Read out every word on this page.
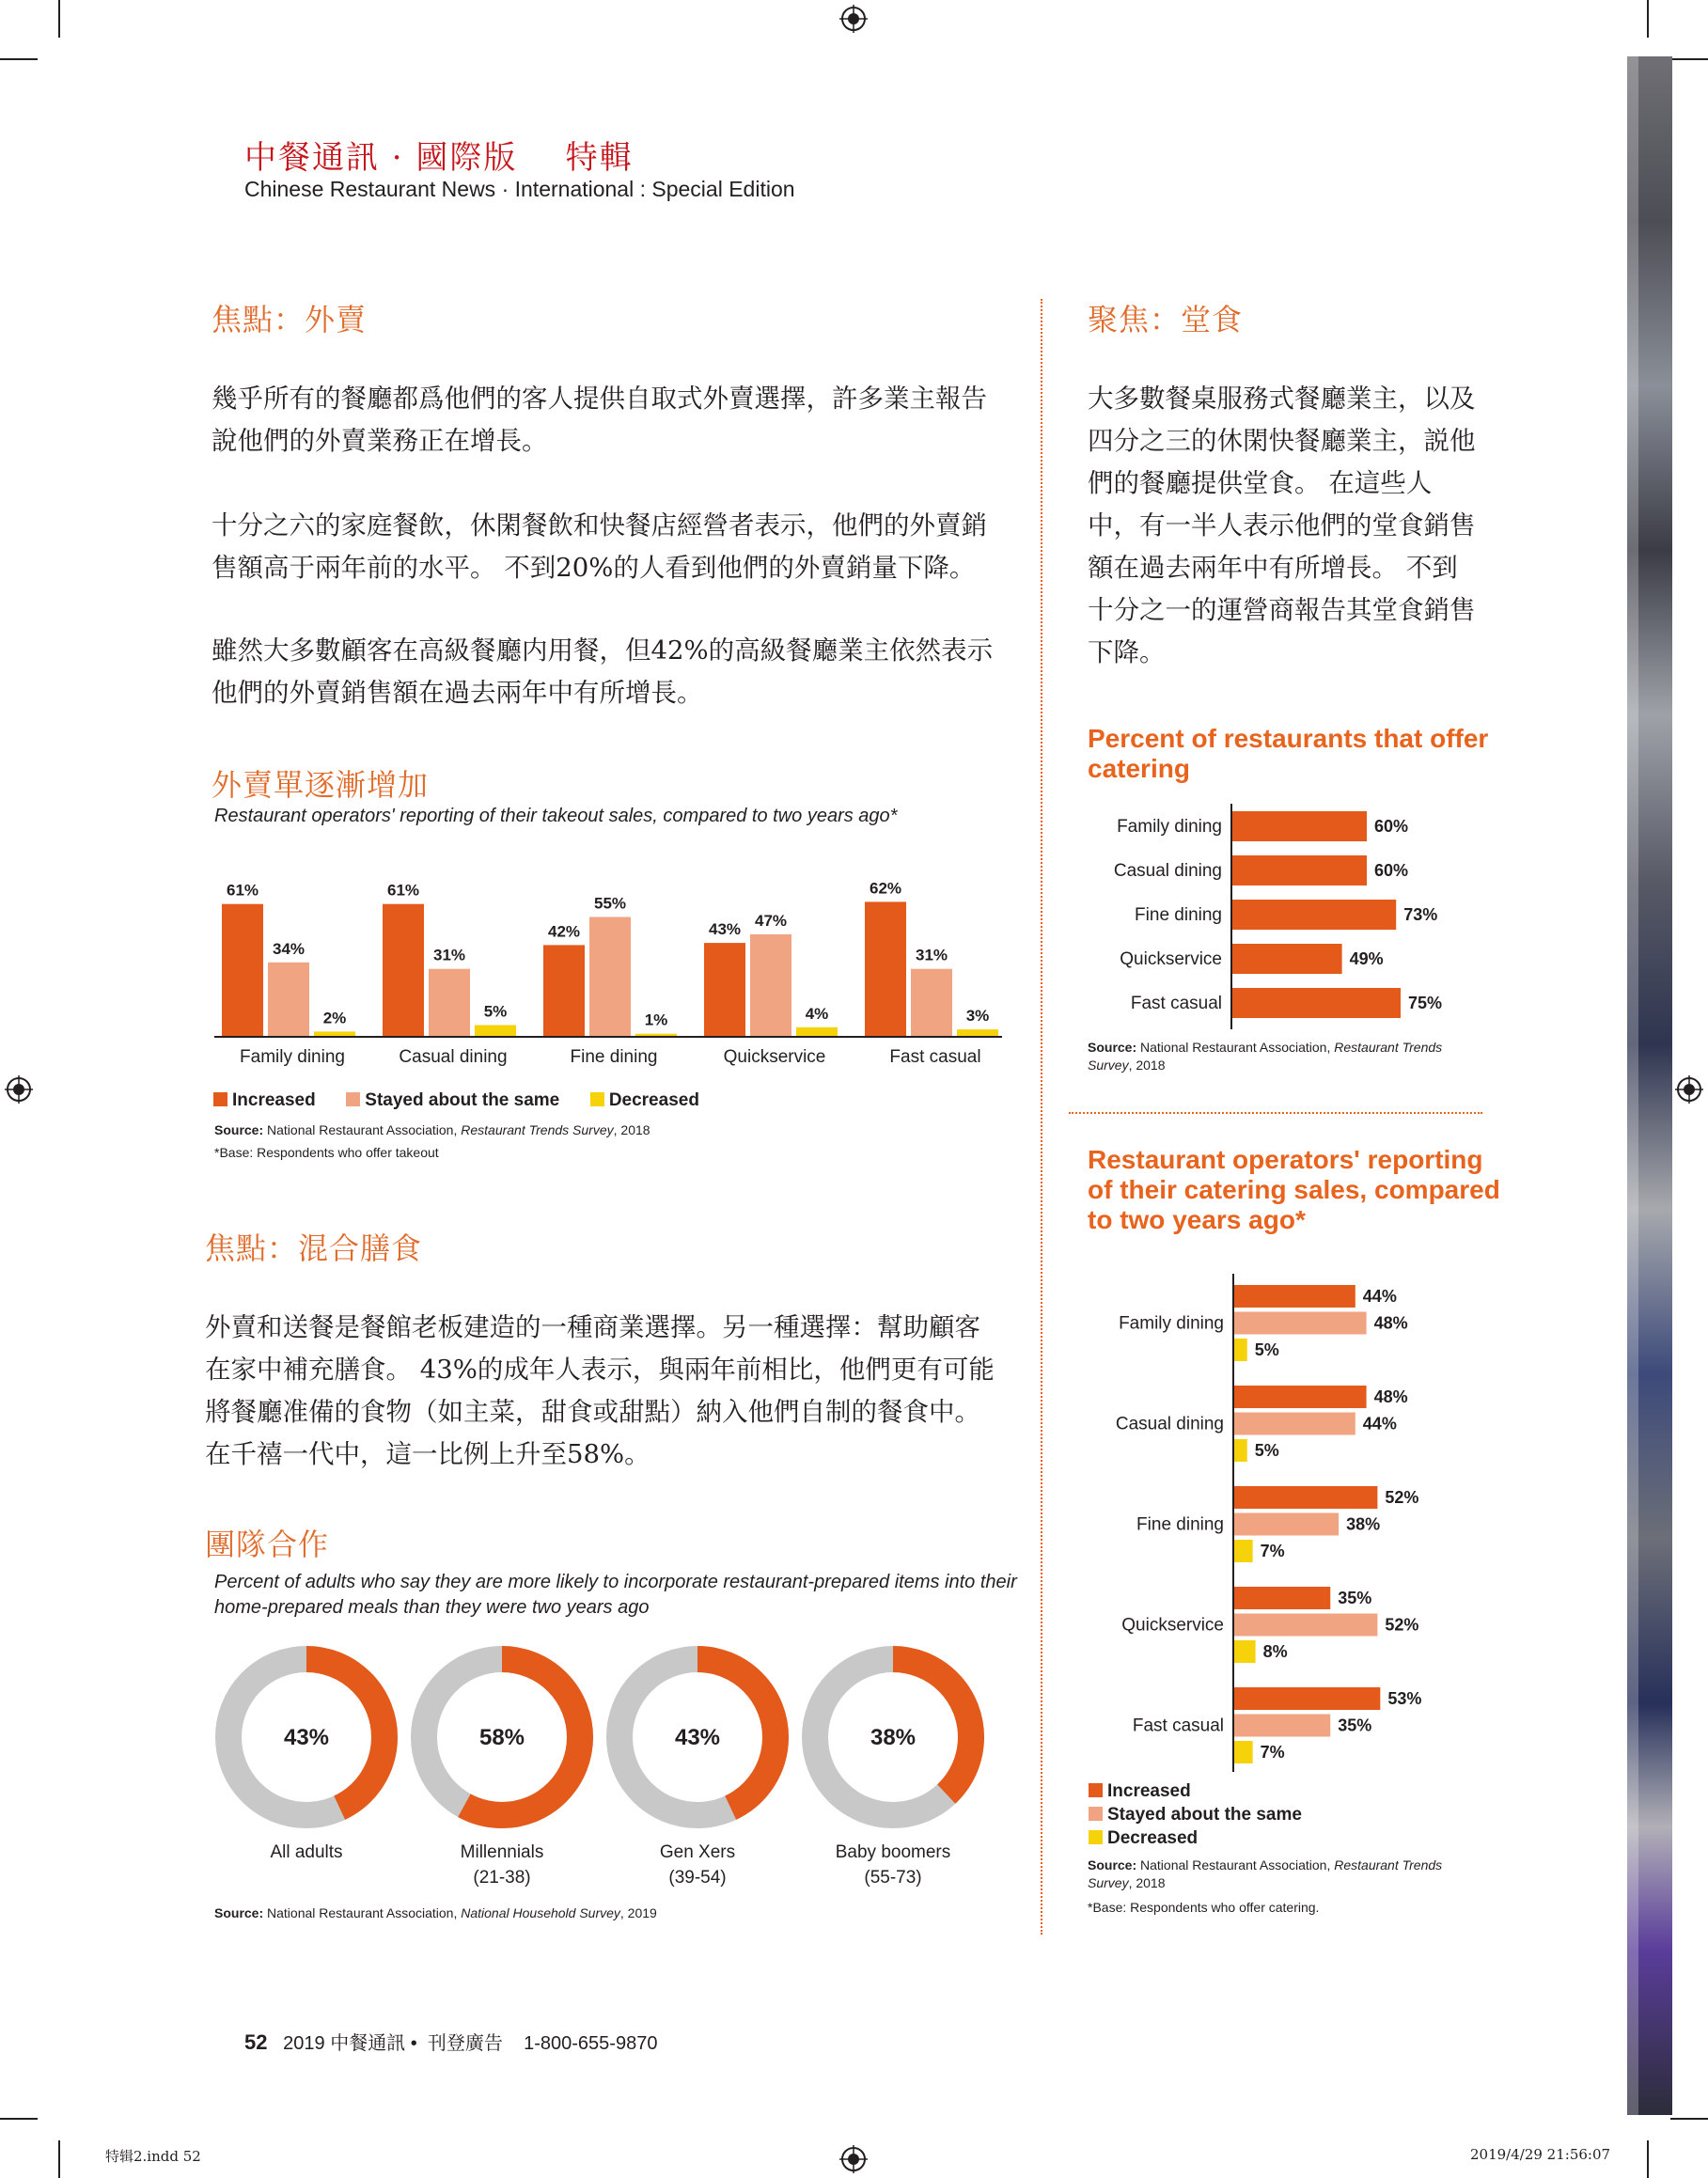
中餐通訊 · 國際版    特輯
Chinese Restaurant News · International : Special Edition
焦點：外賣
幾乎所有的餐廳都爲他們的客人提供自取式外賣選擇，許多業主報告說他們的外賣業務正在增長。
十分之六的家庭餐飲，休閑餐飲和快餐店經營者表示，他們的外賣銷售額高于兩年前的水平。 不到20%的人看到他們的外賣銷量下降。
雖然大多數顧客在高級餐廳内用餐，但42%的高級餐廳業主依然表示他們的外賣銷售額在過去兩年中有所增長。
聚焦：堂食
大多數餐桌服務式餐廳業主，以及四分之三的休閑快餐廳業主，説他們的餐廳提供堂食。 在這些人中，有一半人表示他們的堂食銷售額在過去兩年中有所增長。 不到十分之一的運營商報告其堂食銷售下降。
外賣單逐漸增加
Restaurant operators' reporting of their takeout sales, compared to two years ago*
61%
34%
2%
Family dining
61%
31%
5%
Casual dining
42%
55%
1%
Fine dining
43% 47%
4%
Quickservice
62%
31%
3%
Fast casual
Increased	Stayed about the same	Decreased
Source: National Restaurant Association, Restaurant Trends Survey, 2018
*Base: Respondents who offer takeout
焦點：混合膳食
外賣和送餐是餐館老板建造的一種商業選擇。另一種選擇：幫助顧客在家中補充膳食。 43%的成年人表示，與兩年前相比，他們更有可能將餐廳准備的食物（如主菜，甜食或甜點）納入他們自制的餐食中。 在千禧一代中，這一比例上升至58%。
團隊合作
Percent of adults who say they are more likely to incorporate restaurant-prepared items into their home-prepared meals than they were two years ago
43%
All adults
58%
Millennials
(21-38)
43%
Gen Xers
(39-54)
38%
Baby boomers
(55-73)
Source: National Restaurant Association, National Household Survey, 2019
Percent of restaurants that offer catering
Family dining	60%
Casual dining	60%
Fine dining	73%
Quickservice	49%
Fast casual	75%
Source: National Restaurant Association, Restaurant Trends Survey, 2018
Restaurant operators' reporting of their catering sales, compared to two years ago*
44%
48%
5%
Family dining
48%
44%
5%
Casual dining
52%
38%
7%
Fine dining
35%
52%
8%
Quickservice
53%
35%
7%
Fast casual
Increased
Stayed about the same
Decreased
Source: National Restaurant Association, Restaurant Trends Survey, 2018
*Base: Respondents who offer catering.
52 2019 中餐通訊 •  刊登廣告    1-800-655-9870
特辑2.indd 52	2019/4/29 21:56:07
